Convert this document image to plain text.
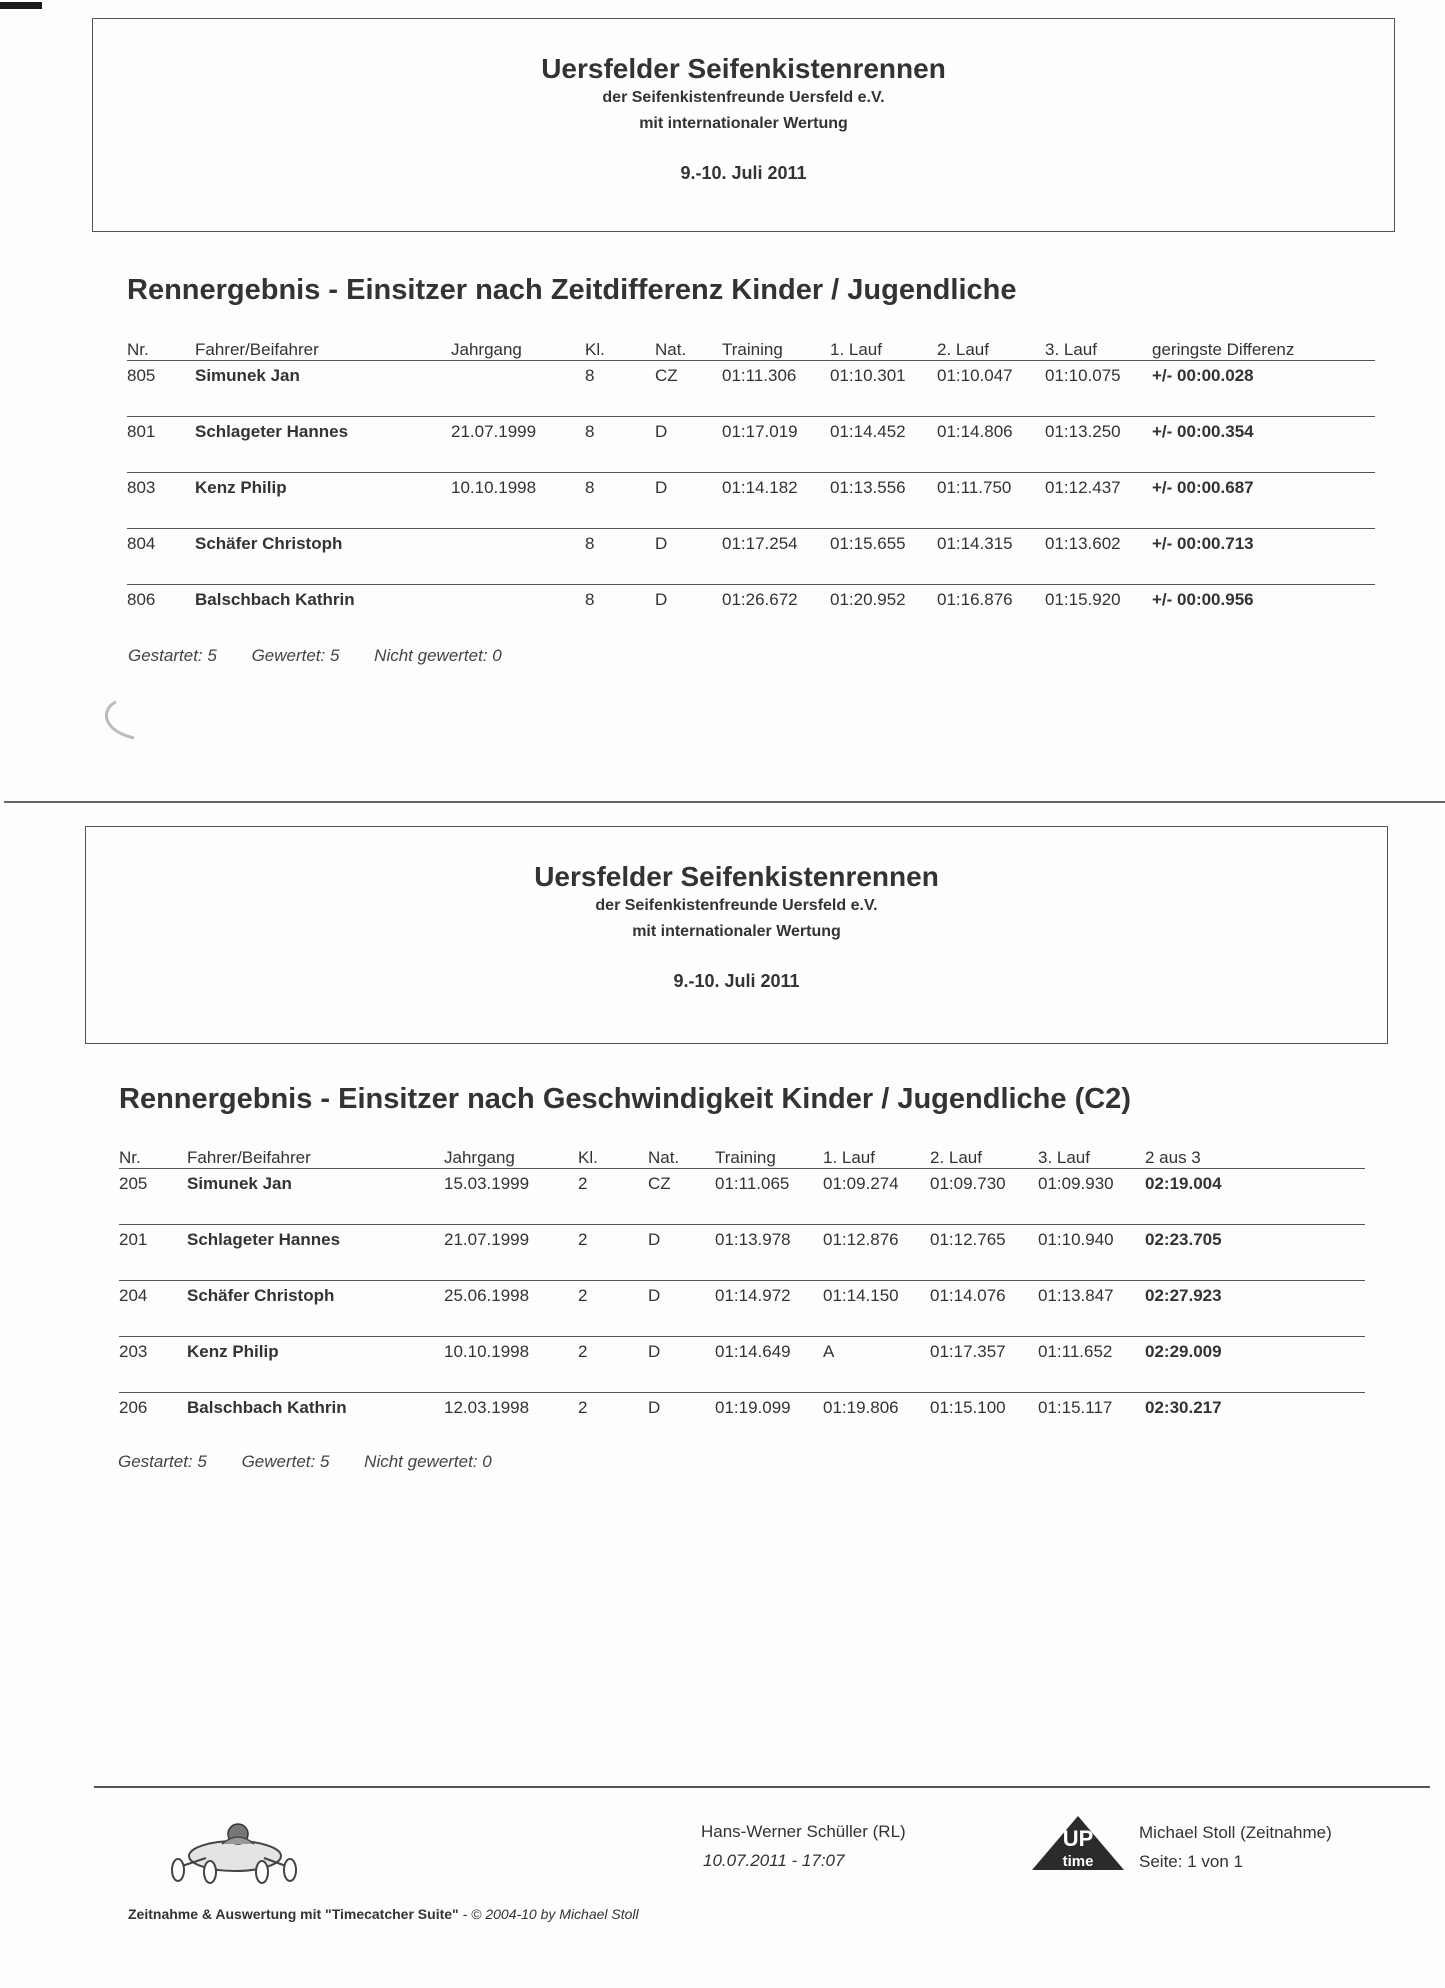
Uersfelder Seifenkistenrennen
der Seifenkistenfreunde Uersfeld e.V.
mit internationaler Wertung
9.-10. Juli 2011
Rennergebnis - Einsitzer nach Zeitdifferenz Kinder / Jugendliche
Nr.	Fahrer/Beifahrer	Jahrgang	Kl.	Nat.	Training	1. Lauf	2. Lauf	3. Lauf	geringste Differenz
805	Simunek Jan		8	CZ	01:11.306	01:10.301	01:10.047	01:10.075	+/- 00:00.028
801	Schlageter Hannes	21.07.1999	8	D	01:17.019	01:14.452	01:14.806	01:13.250	+/- 00:00.354
803	Kenz Philip	10.10.1998	8	D	01:14.182	01:13.556	01:11.750	01:12.437	+/- 00:00.687
804	Schäfer Christoph		8	D	01:17.254	01:15.655	01:14.315	01:13.602	+/- 00:00.713
806	Balschbach Kathrin		8	D	01:26.672	01:20.952	01:16.876	01:15.920	+/- 00:00.956
Gestartet: 5 Gewertet: 5 Nicht gewertet: 0
Uersfelder Seifenkistenrennen
der Seifenkistenfreunde Uersfeld e.V.
mit internationaler Wertung
9.-10. Juli 2011
Rennergebnis - Einsitzer nach Geschwindigkeit Kinder / Jugendliche (C2)
Nr.	Fahrer/Beifahrer	Jahrgang	Kl.	Nat.	Training	1. Lauf	2. Lauf	3. Lauf	2 aus 3
205	Simunek Jan	15.03.1999	2	CZ	01:11.065	01:09.274	01:09.730	01:09.930	02:19.004
201	Schlageter Hannes	21.07.1999	2	D	01:13.978	01:12.876	01:12.765	01:10.940	02:23.705
204	Schäfer Christoph	25.06.1998	2	D	01:14.972	01:14.150	01:14.076	01:13.847	02:27.923
203	Kenz Philip	10.10.1998	2	D	01:14.649	A	01:17.357	01:11.652	02:29.009
206	Balschbach Kathrin	12.03.1998	2	D	01:19.099	01:19.806	01:15.100	01:15.117	02:30.217
Gestartet: 5 Gewertet: 5 Nicht gewertet: 0
Hans-Werner Schüller (RL)
10.07.2011 - 17:07
UP
time
Michael Stoll (Zeitnahme)
Seite: 1 von 1
Zeitnahme & Auswertung mit "Timecatcher Suite" - © 2004-10 by Michael Stoll
